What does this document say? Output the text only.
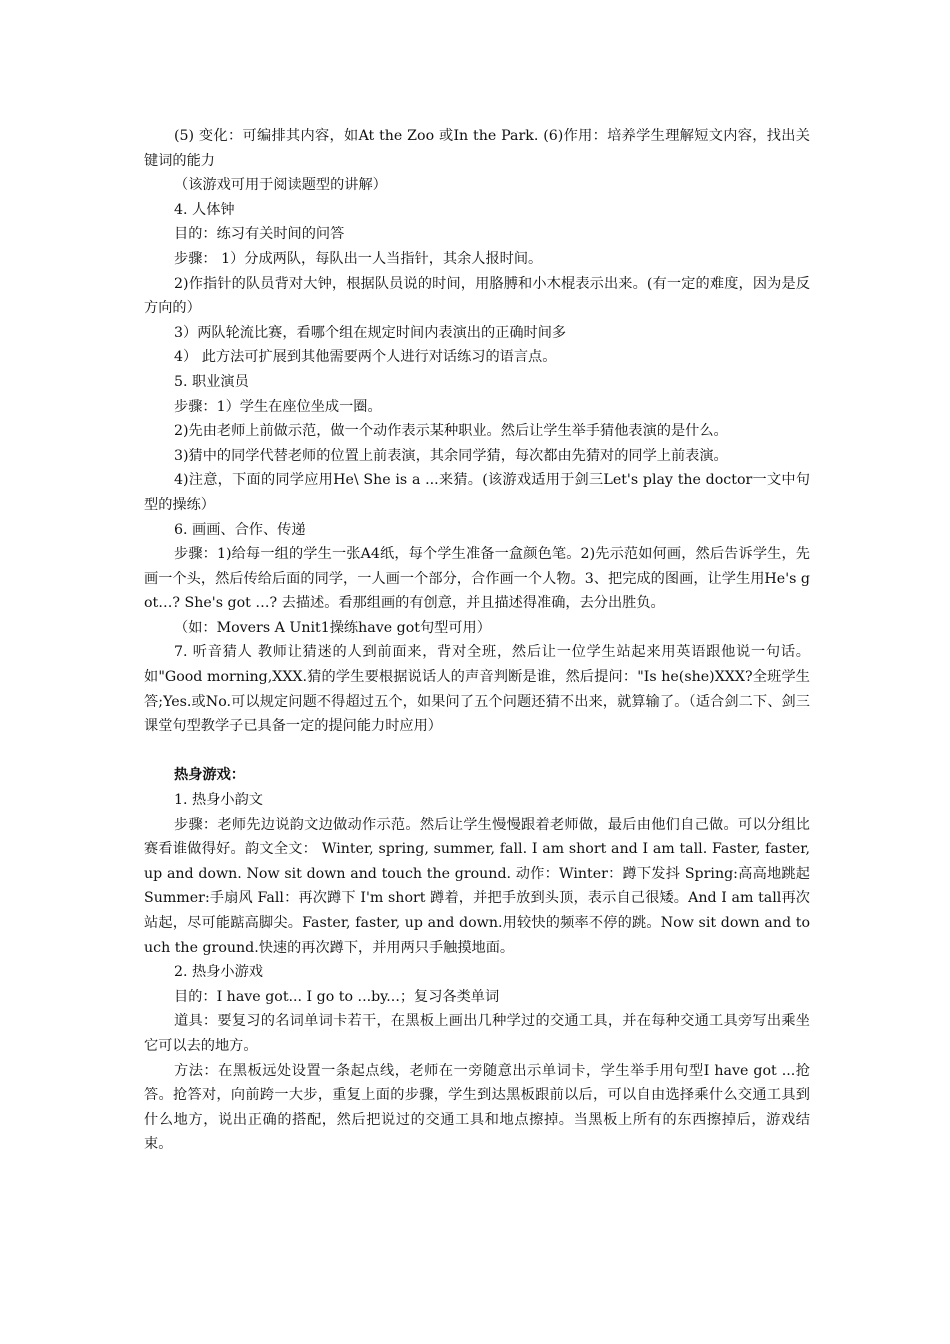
(5) 变化：可编排其内容，如At the Zoo 或In the Park. (6)作用：培养学生理解短文内容，找出关键词的能力

（该游戏可用于阅读题型的讲解）

4. 人体钟

目的：练习有关时间的问答

步骤： 1）分成两队，每队出一人当指针，其余人报时间。

2)作指针的队员背对大钟，根据队员说的时间，用胳膊和小木棍表示出来。(有一定的难度，因为是反方向的）

3）两队轮流比赛，看哪个组在规定时间内表演出的正确时间多

4） 此方法可扩展到其他需要两个人进行对话练习的语言点。

5. 职业演员

步骤：1）学生在座位坐成一圈。

2)先由老师上前做示范，做一个动作表示某种职业。然后让学生举手猜他表演的是什么。

3)猜中的同学代替老师的位置上前表演，其余同学猜，每次都由先猜对的同学上前表演。

4)注意，下面的同学应用He\ She is a ...来猜。(该游戏适用于剑三Let's play the doctor一文中句型的操练）

6. 画画、合作、传递

步骤：1)给每一组的学生一张A4纸，每个学生准备一盒颜色笔。2)先示范如何画，然后告诉学生，先画一个头，然后传给后面的同学，一人画一个部分，合作画一个人物。3、把完成的图画，让学生用He's got…? She's got …? 去描述。看那组画的有创意，并且描述得准确，去分出胜负。

（如：Movers A Unit1操练have got句型可用）

7. 听音猜人 教师让猜迷的人到前面来，背对全班，然后让一位学生站起来用英语跟他说一句话。如"Good morning,XXX.猜的学生要根据说话人的声音判断是谁，然后提问："Is he(she)XXX?全班学生答;Yes.或No.可以规定问题不得超过五个，如果问了五个问题还猜不出来，就算输了。（适合剑二下、剑三课堂句型教学子已具备一定的提问能力时应用）

热身游戏：

1. 热身小韵文

步骤：老师先边说韵文边做动作示范。然后让学生慢慢跟着老师做，最后由他们自己做。可以分组比赛看谁做得好。韵文全文： Winter, spring, summer, fall. I am short and I am tall. Faster, faster, up and down. Now sit down and touch the ground. 动作：Winter：蹲下发抖 Spring:高高地跳起 Summer:手扇风 Fall：再次蹲下 I'm short 蹲着，并把手放到头顶，表示自己很矮。And I am tall再次站起，尽可能踮高脚尖。Faster, faster, up and down.用较快的频率不停的跳。Now sit down and touch the ground.快速的再次蹲下，并用两只手触摸地面。

2. 热身小游戏

目的：I have got... I go to ...by...；复习各类单词

道具：要复习的名词单词卡若干，在黑板上画出几种学过的交通工具，并在每种交通工具旁写出乘坐它可以去的地方。

方法：在黑板远处设置一条起点线，老师在一旁随意出示单词卡，学生举手用句型I have got ...抢答。抢答对，向前跨一大步，重复上面的步骤，学生到达黑板跟前以后，可以自由选择乘什么交通工具到什么地方，说出正确的搭配，然后把说过的交通工具和地点擦掉。当黑板上所有的东西擦掉后，游戏结束。
